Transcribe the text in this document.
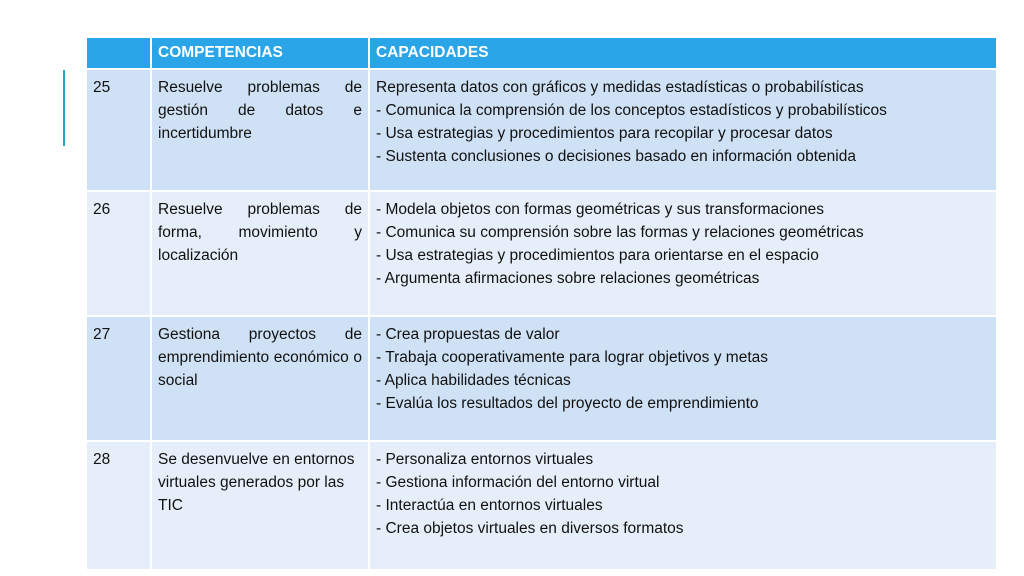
	COMPETENCIAS	CAPACIDADES
25	Resuelve problemas de gestión de datos e incertidumbre	Representa datos con gráficos y medidas estadísticas o probabilísticas
- Comunica la comprensión de los conceptos estadísticos y probabilísticos
- Usa estrategias y procedimientos para recopilar y procesar datos
- Sustenta conclusiones o decisiones basado en información obtenida

26	Resuelve problemas de forma, movimiento y localización	- Modela objetos con formas geométricas y sus transformaciones
- Comunica su comprensión sobre las formas y relaciones geométricas
- Usa estrategias y procedimientos para orientarse en el espacio
- Argumenta afirmaciones sobre relaciones geométricas

27	Gestiona proyectos de emprendimiento económico o social	- Crea propuestas de valor
- Trabaja cooperativamente para lograr objetivos y metas
- Aplica habilidades técnicas
- Evalúa los resultados del proyecto de emprendimiento

28	Se desenvuelve en entornos virtuales generados por las TIC	- Personaliza entornos virtuales
- Gestiona información del entorno virtual
- Interactúa en entornos virtuales
- Crea objetos virtuales en diversos formatos
